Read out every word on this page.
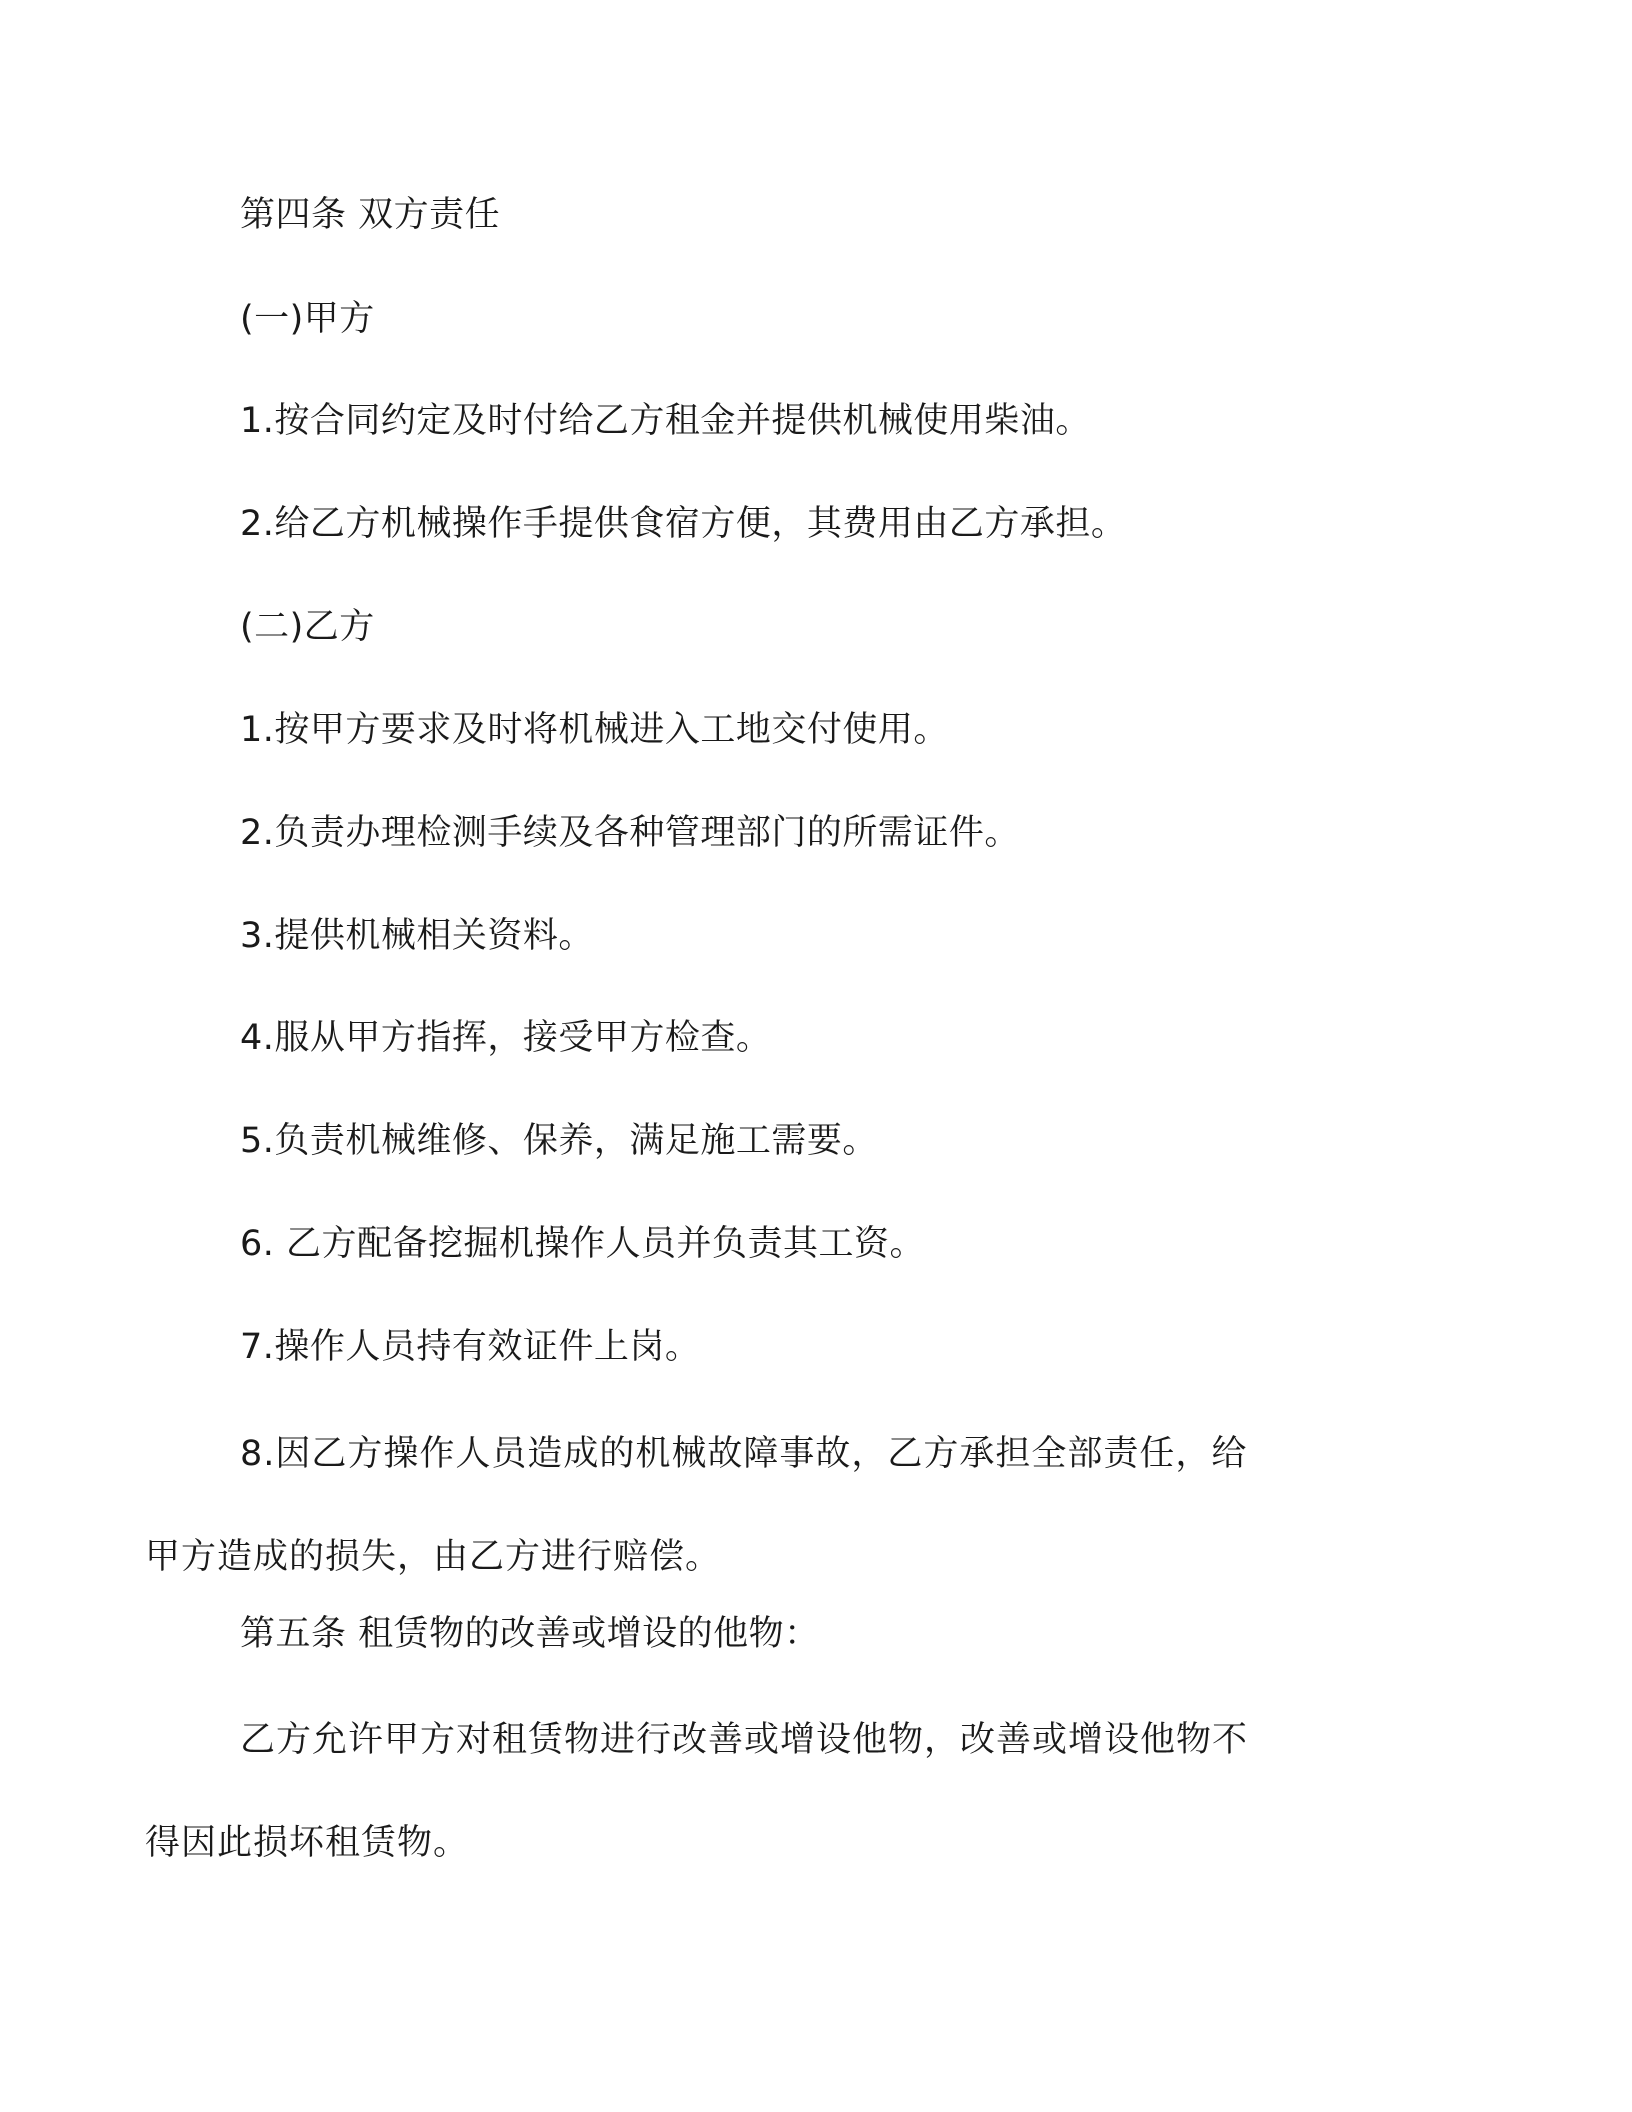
第四条 双方责任
(一)甲方
1.按合同约定及时付给乙方租金并提供机械使用柴油。
2.给乙方机械操作手提供食宿方便，其费用由乙方承担。
(二)乙方
1.按甲方要求及时将机械进入工地交付使用。
2.负责办理检测手续及各种管理部门的所需证件。
3.提供机械相关资料。
4.服从甲方指挥，接受甲方检查。
5.负责机械维修、保养，满足施工需要。
6. 乙方配备挖掘机操作人员并负责其工资。
7.操作人员持有效证件上岗。
8.因乙方操作人员造成的机械故障事故，乙方承担全部责任，给甲方造成的损失，由乙方进行赔偿。
第五条 租赁物的改善或增设的他物：
乙方允许甲方对租赁物进行改善或增设他物，改善或增设他物不得因此损坏租赁物。
